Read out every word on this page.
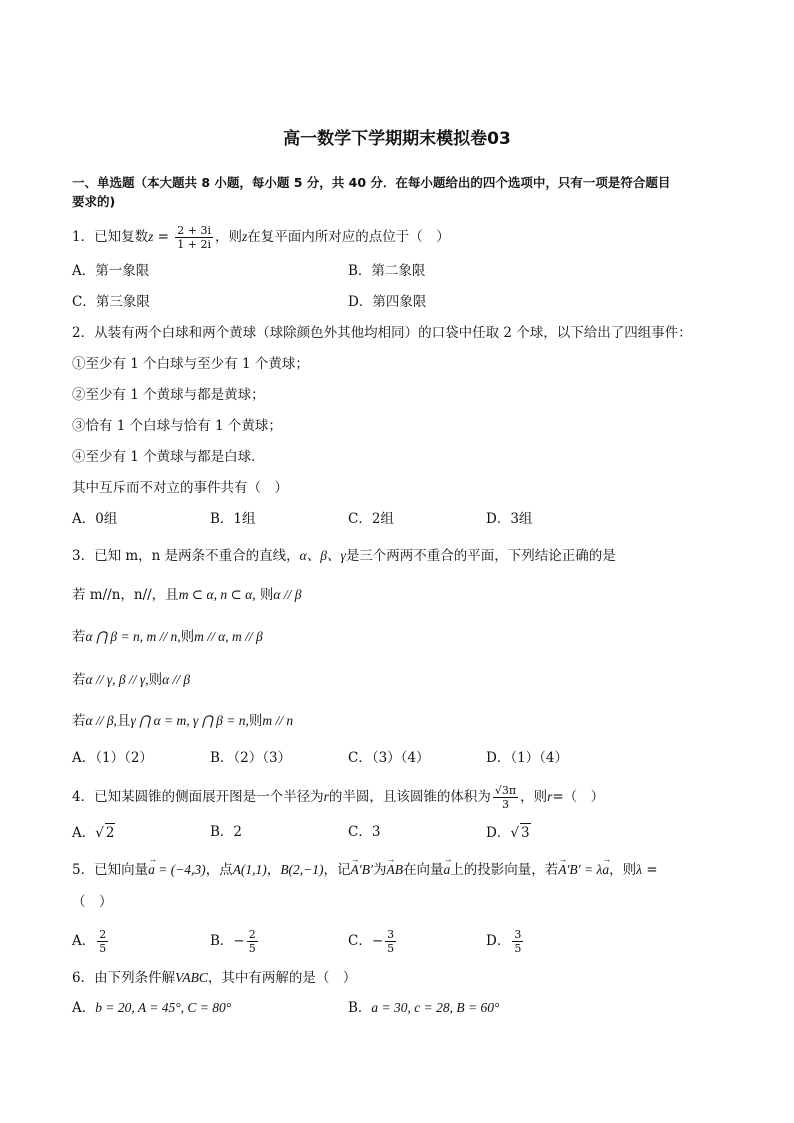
高一数学下学期期末模拟卷03
一、单选题（本大题共 8 小题，每小题 5 分，共 40 分．在每小题给出的四个选项中，只有一项是符合题目
要求的)
1．已知复数$z = \frac{2 + 3i}{1 + 2i}$ ，则z在复平面内所对应的点位于（　）
A．第一象限	B．第二象限
C．第三象限	D．第四象限
2．从装有两个白球和两个黄球（球除颜色外其他均相同）的口袋中任取 2 个球，以下给出了四组事件：
①至少有 1 个白球与至少有 1 个黄球；
②至少有 1 个黄球与都是黄球；
③恰有 1 个白球与恰有 1 个黄球；
④至少有 1 个黄球与都是白球．
其中互斥而不对立的事件共有（　）
A．0组	B．1组	C．2组	D．3组
3．已知 m，n 是两条不重合的直线，α、β、γ是三个两两不重合的平面，下列结论正确的是
若 m//n，n//，且m ⊂ α, n ⊂ α, 则α // β
若α ⋂ β = n, m // n,则m // α, m // β
若α // γ, β // γ,则α // β
若α // β,且γ ⋂ α = m, γ ⋂ β = n,则m // n
A．（1）（2）	B．（2）（3）	C．（3）（4）	D．（1）（4）
4．已知某圆锥的侧面展开图是一个半径为r的半圆，且该圆锥的体积为 $\frac{√3\pi}{3}$ ，则r=（　）
A．√ 2	B．2	C．3	D．√ 3
5．已知向量→ a = (−4,3)，点A(1,1)，B(2,−1)，记→ A′B′为→ AB在向量→ a上的投影向量，若→ A′B′ = λ→ a，则λ =
（　）
A． $\frac{2}{5}$	B．− $\frac{2}{5}$	C．− $\frac{3}{5}$	D． $\frac{3}{5}$
6．由下列条件解VABC，其中有两解的是（　）
A．b = 20, A = 45°, C = 80°	B．a = 30, c = 28, B = 60°
